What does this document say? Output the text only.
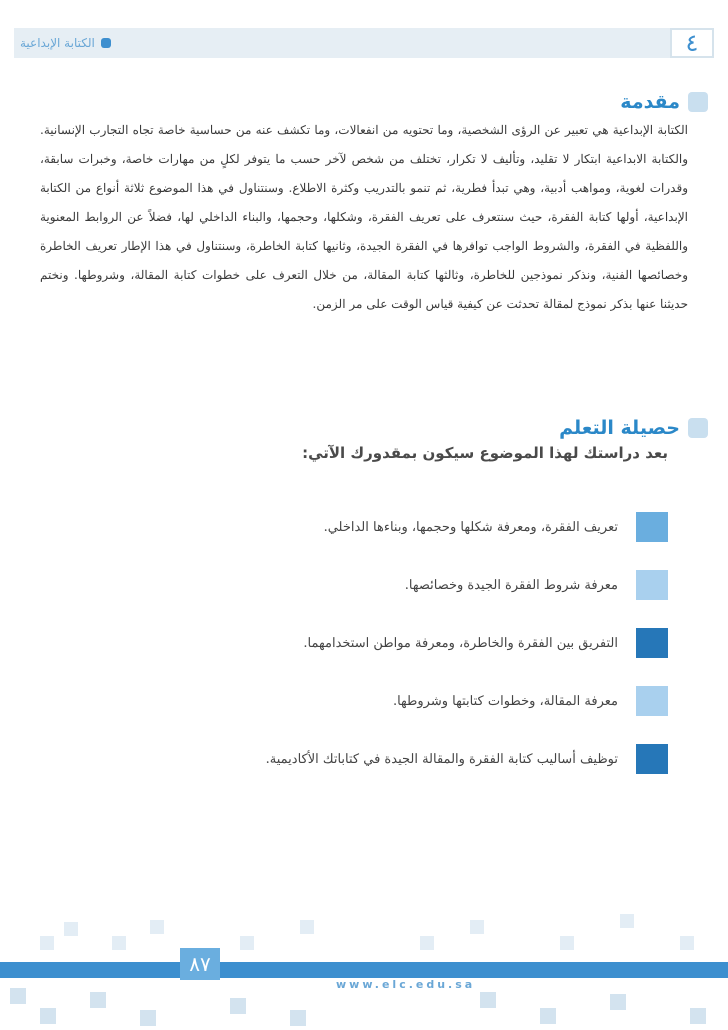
الكتابة الإبداعية	٤
مقدمة

الكتابة الإبداعية هي تعبير عن الرؤى الشخصية، وما تحتويه من انفعالات، وما تكشف عنه من حساسية خاصة تجاه التجارب الإنسانية. والكتابة الابداعية ابتكار لا تقليد، وتأليف لا تكرار، تختلف من شخص لآخر حسب ما يتوفر لكلٍ من مهارات خاصة، وخبرات سابقة، وقدرات لغوية، ومواهب أدبية، وهي تبدأ فطرية، ثم تنمو بالتدريب وكثرة الاطلاع. وسنتناول في هذا الموضوع ثلاثة أنواع من الكتابة الإبداعية، أولها كتابة الفقرة، حيث سنتعرف على تعريف الفقرة، وشكلها، وحجمها، والبناء الداخلي لها، فضلاً عن الروابط المعنوية واللفظية في الفقرة، والشروط الواجب توافرها في الفقرة الجيدة، وثانيها كتابة الخاطرة، وسنتناول في هذا الإطار تعريف الخاطرة وخصائصها الفنية، ونذكر نموذجين للخاطرة، وثالثها كتابة المقالة، من خلال التعرف على خطوات كتابة المقالة، وشروطها. ونختم حديثنا عنها بذكر نموذج لمقالة تحدثت عن كيفية قياس الوقت على مر الزمن.

حصيلة التعلم
بعد دراستك لهذا الموضوع سيكون بمقدورك الآتي:
تعريف الفقرة، ومعرفة شكلها وحجمها، وبناءها الداخلي.
معرفة شروط الفقرة الجيدة وخصائصها.
التفريق بين الفقرة والخاطرة، ومعرفة مواطن استخدامهما.
معرفة المقالة، وخطوات كتابتها وشروطها.
توظيف أساليب كتابة الفقرة والمقالة الجيدة في كتاباتك الأكاديمية.
٨٧
www.elc.edu.sa
